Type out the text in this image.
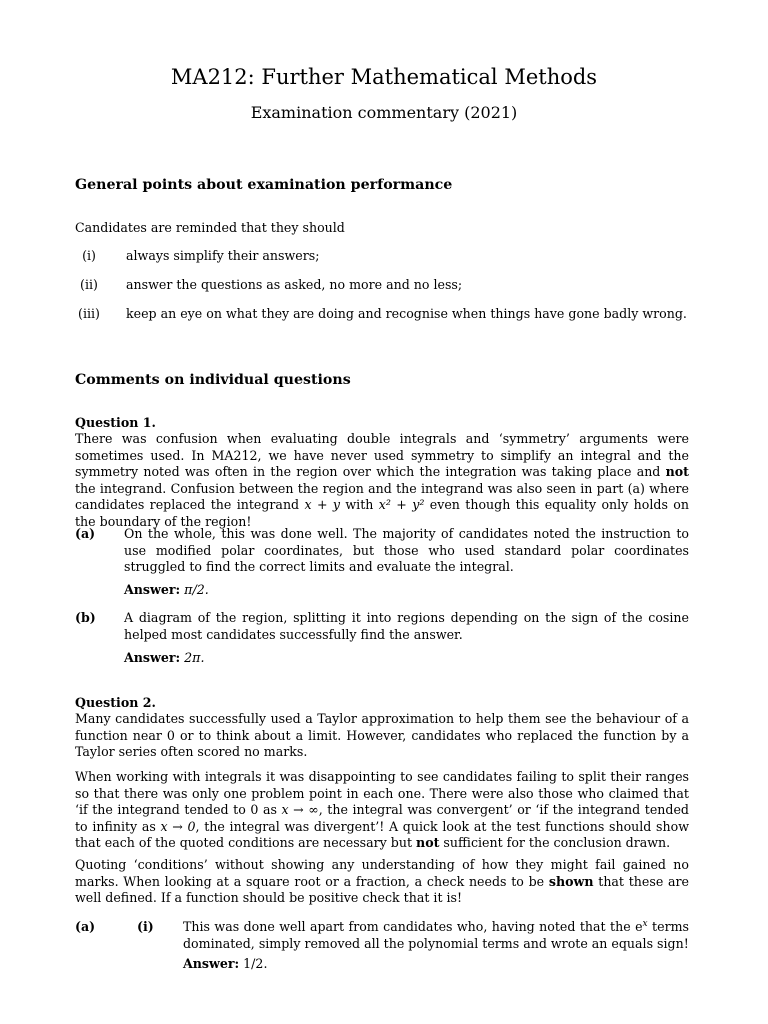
MA212: Further Mathematical Methods
Examination commentary (2021)
General points about examination performance
Candidates are reminded that they should
(i)	always simplify their answers;
(ii)	answer the questions as asked, no more and no less;
(iii)	keep an eye on what they are doing and recognise when things have gone badly wrong.
Comments on individual questions
Question 1.
There was confusion when evaluating double integrals and ‘symmetry’ arguments were sometimes used. In MA212, we have never used symmetry to simplify an integral and the symmetry noted was often in the region over which the integration was taking place and not the integrand. Confusion between the region and the integrand was also seen in part (a) where candidates replaced the integrand x + y with x² + y² even though this equality only holds on the boundary of the region!
(a) On the whole, this was done well. The majority of candidates noted the instruction to use modified polar coordinates, but those who used standard polar coordinates struggled to find the correct limits and evaluate the integral.
Answer: π/2.
(b) A diagram of the region, splitting it into regions depending on the sign of the cosine helped most candidates successfully find the answer.
Answer: 2π.
Question 2.
Many candidates successfully used a Taylor approximation to help them see the behaviour of a function near 0 or to think about a limit. However, candidates who replaced the function by a Taylor series often scored no marks.
When working with integrals it was disappointing to see candidates failing to split their ranges so that there was only one problem point in each one. There were also those who claimed that ‘if the integrand tended to 0 as x → ∞, the integral was convergent’ or ‘if the integrand tended to infinity as x → 0, the integral was divergent’! A quick look at the test functions should show that each of the quoted conditions are necessary but not sufficient for the conclusion drawn.
Quoting ‘conditions’ without showing any understanding of how they might fail gained no marks. When looking at a square root or a fraction, a check needs to be shown that these are well defined. If a function should be positive check that it is!
(a)	(i) This was done well apart from candidates who, having noted that the $e^x$ terms dominated, simply removed all the polynomial terms and wrote an equals sign!
Answer: 1/2.
